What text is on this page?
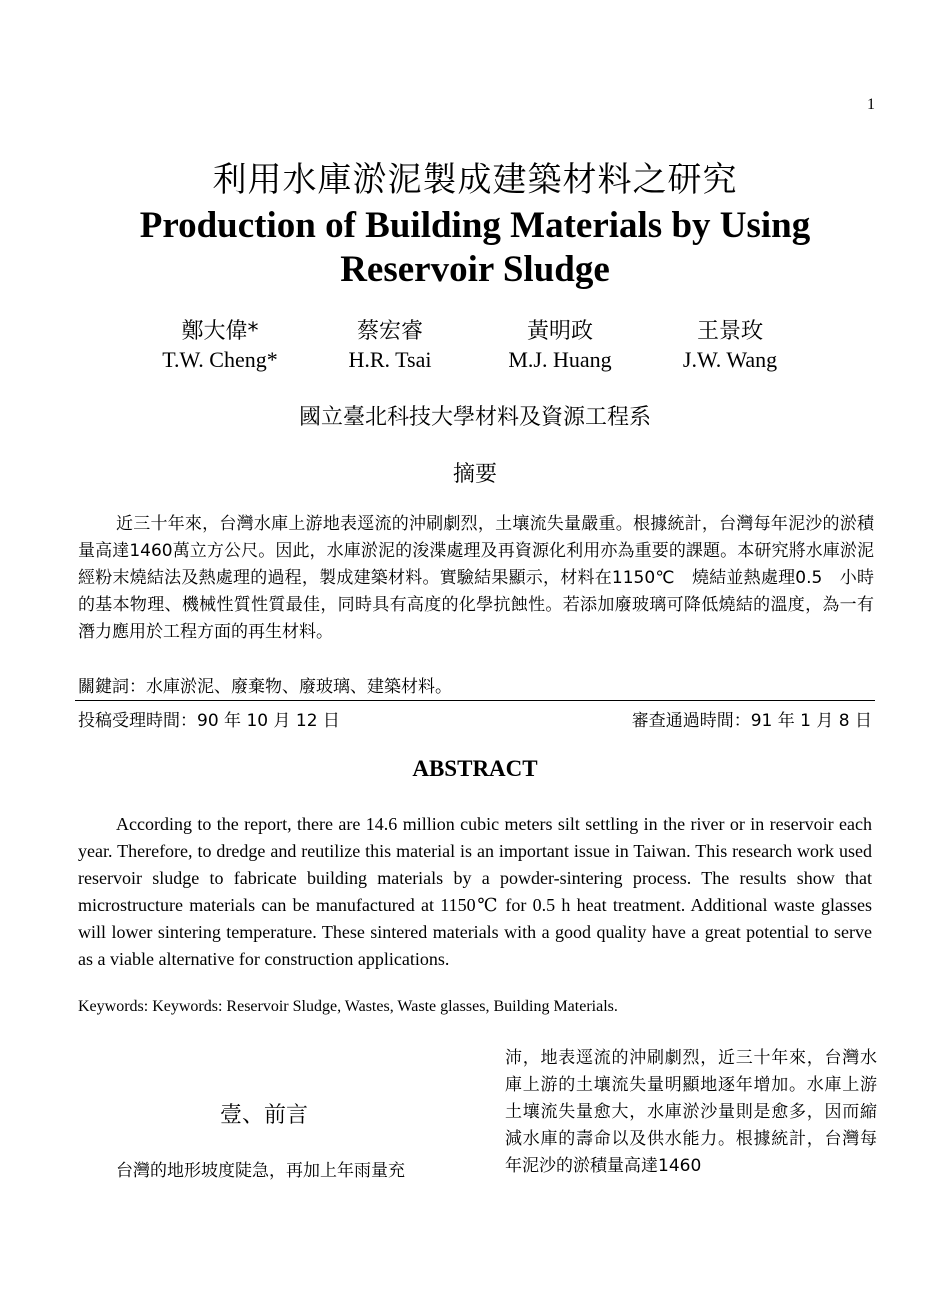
1
利用水庫淤泥製成建築材料之研究
Production of Building Materials by Using Reservoir Sludge
鄭大偉*
T.W. Cheng*
蔡宏睿
H.R. Tsai
黃明政
M.J. Huang
王景玫
J.W. Wang
國立臺北科技大學材料及資源工程系
摘要
近三十年來，台灣水庫上游地表逕流的沖刷劇烈，土壤流失量嚴重。根據統計，台灣每年泥沙的淤積量高達1460萬立方公尺。因此，水庫淤泥的浚渫處理及再資源化利用亦為重要的課題。本研究將水庫淤泥經粉末燒結法及熱處理的過程，製成建築材料。實驗結果顯示，材料在1150℃　燒結並熱處理0.5　小時的基本物理、機械性質性質最佳，同時具有高度的化學抗蝕性。若添加廢玻璃可降低燒結的溫度，為一有潛力應用於工程方面的再生材料。
關鍵詞：水庫淤泥、廢棄物、廢玻璃、建築材料。
投稿受理時間：90 年 10 月 12 日	審查通過時間：91 年 1 月 8 日
ABSTRACT
According to the report, there are 14.6 million cubic meters silt settling in the river or in reservoir each year. Therefore, to dredge and reutilize this material is an important issue in Taiwan. This research work used reservoir sludge to fabricate building materials by a powder-sintering process. The results show that microstructure materials can be manufactured at 1150℃ for 0.5 h heat treatment. Additional waste glasses will lower sintering temperature. These sintered materials with a good quality have a great potential to serve as a viable alternative for construction applications.
Keywords: Keywords: Reservoir Sludge, Wastes, Waste glasses, Building Materials.
壹、前言
台灣的地形坡度陡急，再加上年雨量充
沛，地表逕流的沖刷劇烈，近三十年來，台灣水庫上游的土壤流失量明顯地逐年增加。水庫上游土壤流失量愈大，水庫淤沙量則是愈多，因而縮減水庫的壽命以及供水能力。根據統計，台灣每年泥沙的淤積量高達1460
